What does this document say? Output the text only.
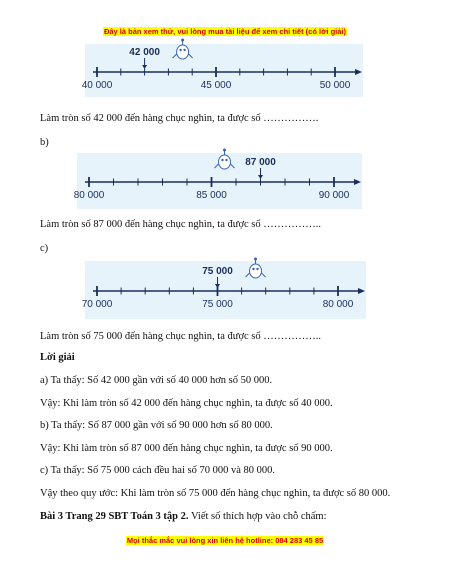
Đây là bản xem thử, vui lòng mua tài liệu để xem chi tiết (có lời giải)
40 000	45 000	50 000
42 000
Làm tròn số 42 000 đến hàng chục nghìn, ta được số …………….
b)
80 000	85 000	90 000
87 000
Làm tròn số 87 000 đến hàng chục nghìn, ta được số ……………..
c)
70 000	75 000	80 000
75 000
Làm tròn số 75 000 đến hàng chục nghìn, ta được số ……………..
Lời giải
a) Ta thấy: Số 42 000 gần với số 40 000 hơn số 50 000.
Vậy: Khi làm tròn số 42 000 đến hàng chục nghìn, ta được số 40 000.
b) Ta thấy: Số 87 000 gần với số 90 000 hơn số 80 000.
Vậy: Khi làm tròn số 87 000 đến hàng chục nghìn, ta được số 90 000.
c) Ta thấy: Số 75 000 cách đều hai số 70 000 và 80 000.
Vậy theo quy ước: Khi làm tròn số 75 000 đến hàng chục nghìn, ta được số 80 000.
Bài 3 Trang 29 SBT Toán 3 tập 2. Viết số thích hợp vào chỗ chấm:
Mọi thắc mắc vui lòng xin liên hệ hotline: 084 283 45 85
